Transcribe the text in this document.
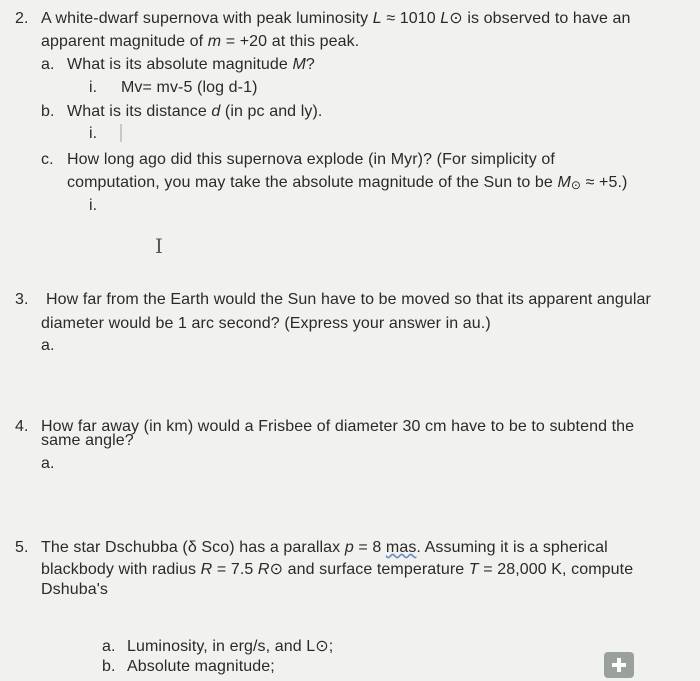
2. A white-dwarf supernova with peak luminosity L ≈ 1010 L⊙ is observed to have an
apparent magnitude of m = +20 at this peak.
a. What is its absolute magnitude M?
i. Mv= mv-5 (log d-1)
b. What is its distance d (in pc and ly).
i.
c. How long ago did this supernova explode (in Myr)? (For simplicity of
computation, you may take the absolute magnitude of the Sun to be M⊙ ≈ +5.)
i.
I
3. How far from the Earth would the Sun have to be moved so that its apparent angular
diameter would be 1 arc second? (Express your answer in au.)
a.
4. How far away (in km) would a Frisbee of diameter 30 cm have to be to subtend the
same angle?
a.
5. The star Dschubba (δ Sco) has a parallax p = 8 mas. Assuming it is a spherical
blackbody with radius R = 7.5 R⊙ and surface temperature T = 28,000 K, compute
Dshuba's
a. Luminosity, in erg/s, and L⊙;
b. Absolute magnitude;
